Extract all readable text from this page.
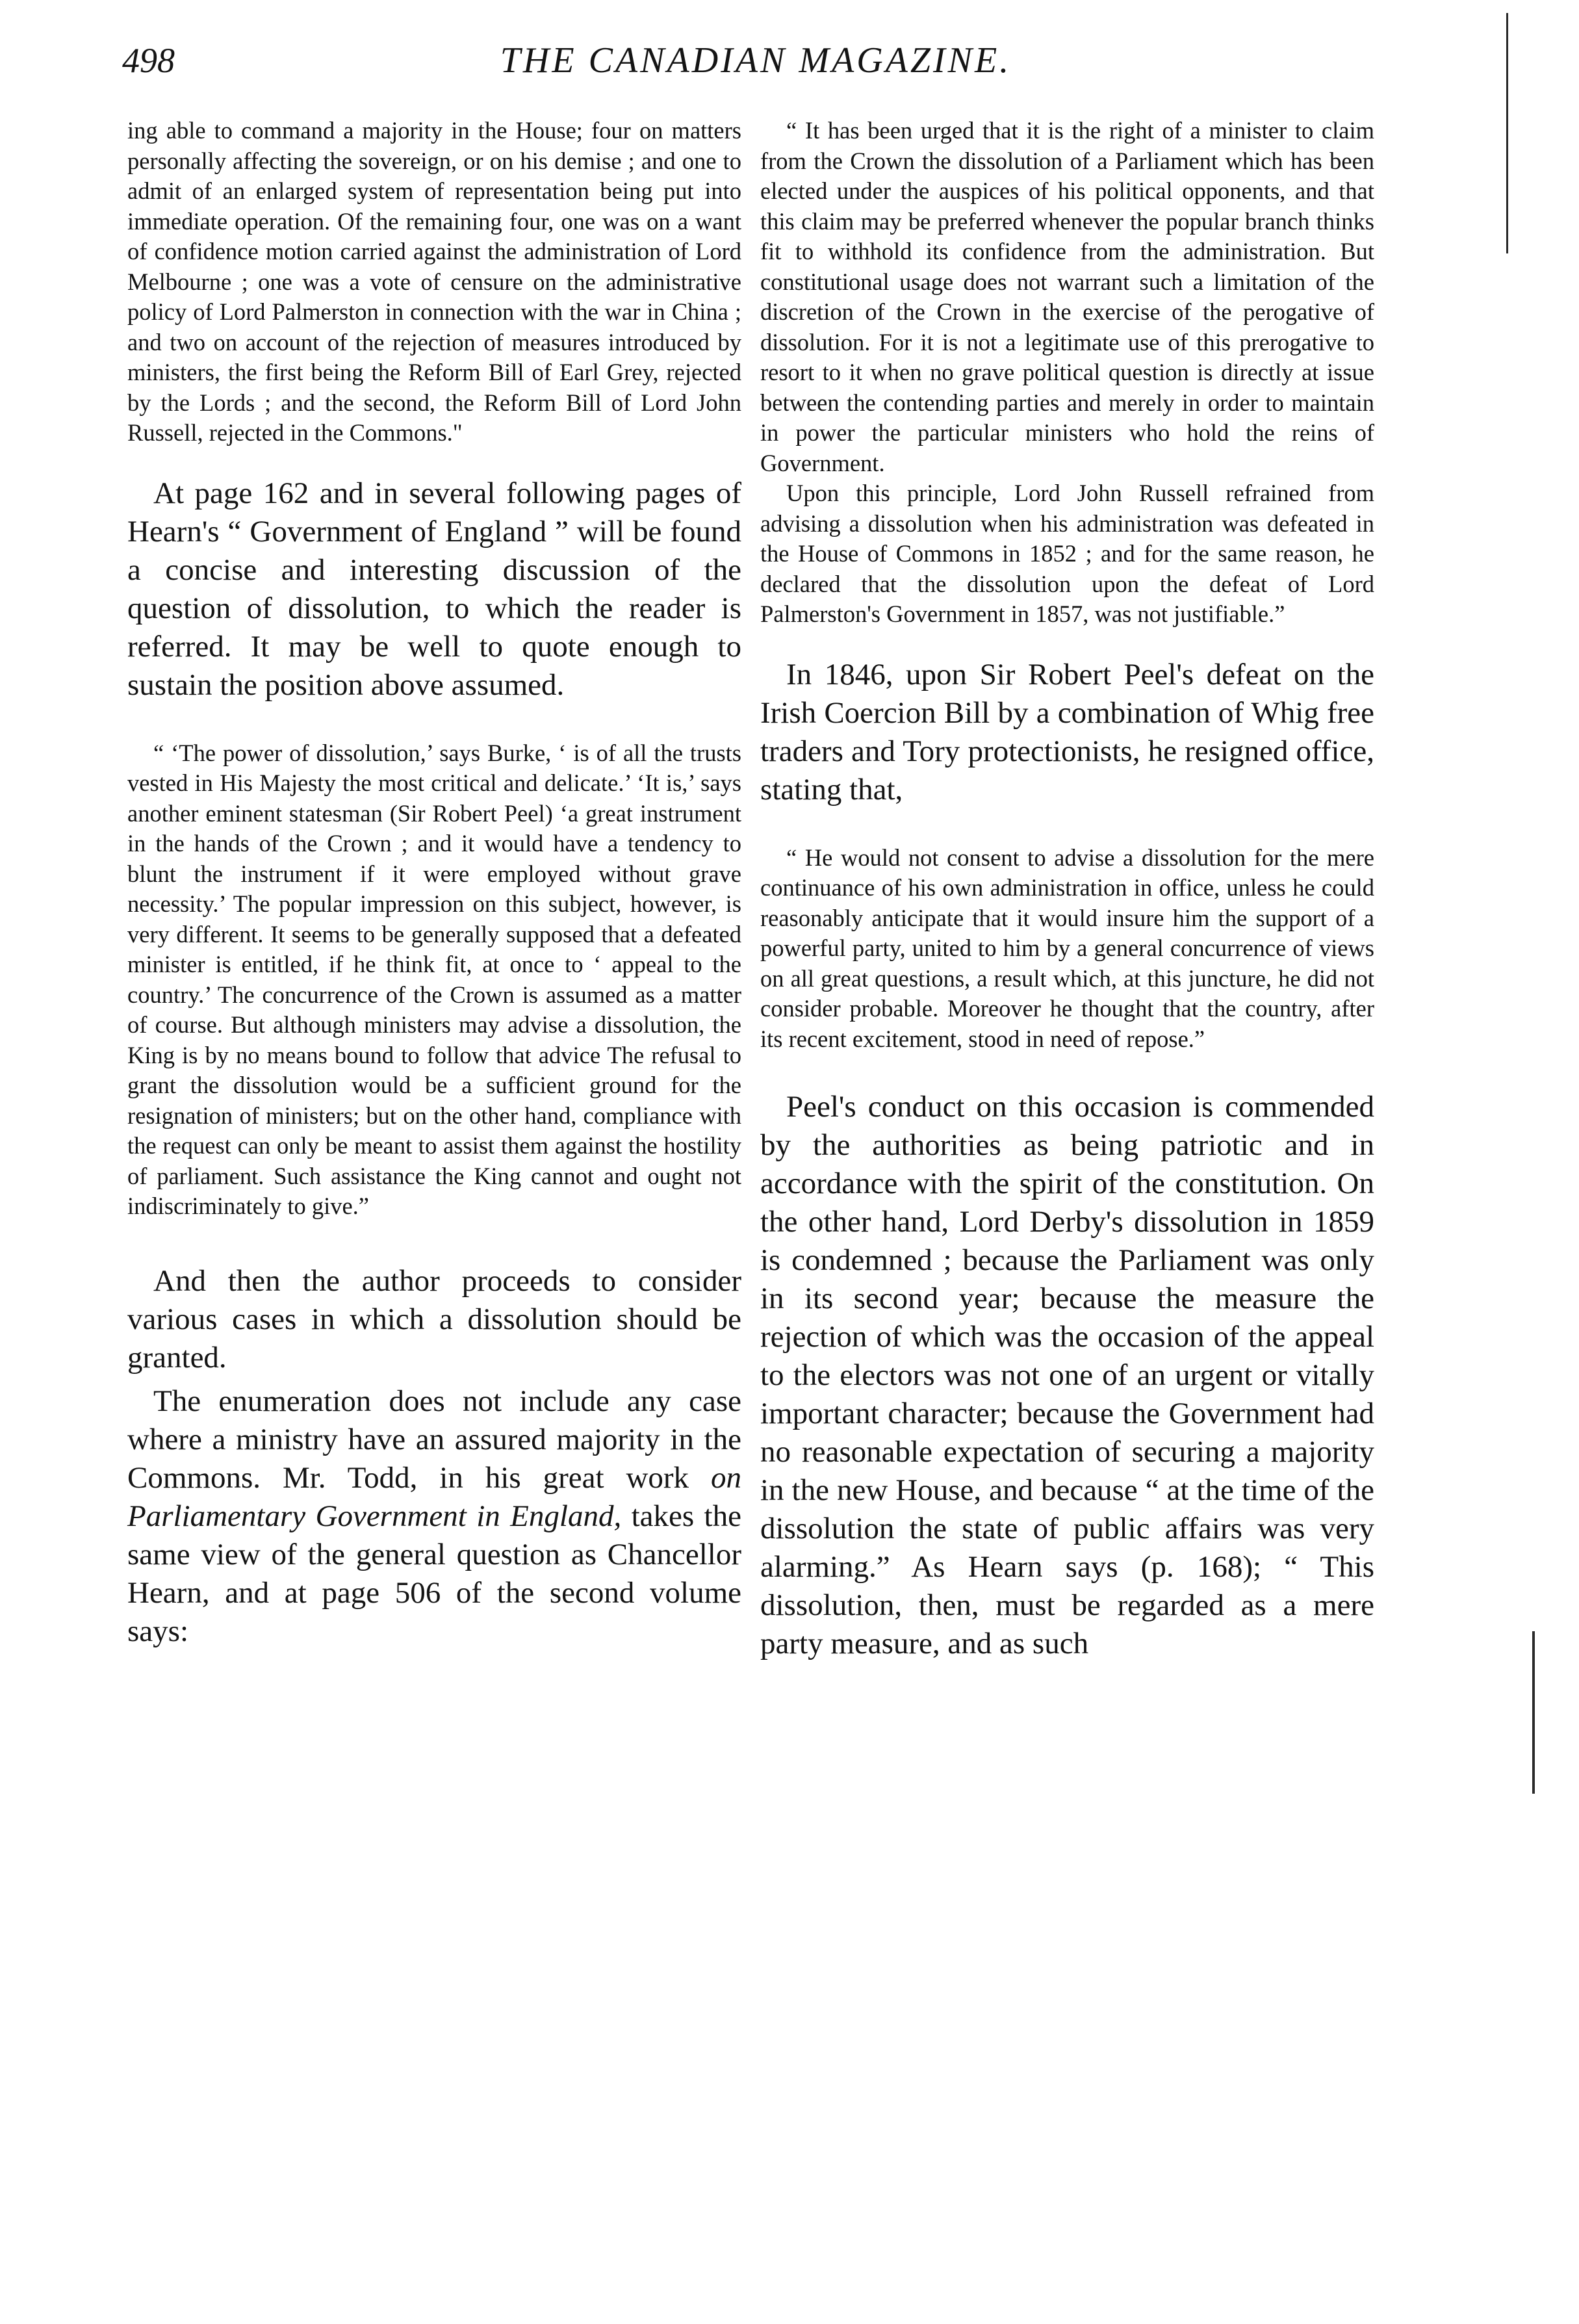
498	THE CANADIAN MAGAZINE.

ing able to command a majority in the House; four on matters personally affecting the sovereign, or on his demise ; and one to admit of an enlarged system of representation being put into immediate operation. Of the remaining four, one was on a want of confidence motion carried against the administration of Lord Melbourne ; one was a vote of censure on the administrative policy of Lord Palmerston in connection with the war in China ; and two on account of the rejection of measures introduced by ministers, the first being the Reform Bill of Earl Grey, rejected by the Lords ; and the second, the Reform Bill of Lord John Russell, rejected in the Commons."

At page 162 and in several following pages of Hearn's “ Government of England ” will be found a concise and interesting discussion of the question of dissolution, to which the reader is referred. It may be well to quote enough to sustain the position above assumed.

“ ‘The power of dissolution,’ says Burke, ‘ is of all the trusts vested in His Majesty the most critical and delicate.’ ‘It is,’ says another eminent statesman (Sir Robert Peel) ‘a great instrument in the hands of the Crown ; and it would have a tendency to blunt the instrument if it were employed without grave necessity.’ The popular impression on this subject, however, is very different. It seems to be generally supposed that a defeated minister is entitled, if he think fit, at once to ‘ appeal to the country.’ The concurrence of the Crown is assumed as a matter of course. But although ministers may advise a dissolution, the King is by no means bound to follow that advice The refusal to grant the dissolution would be a sufficient ground for the resignation of ministers; but on the other hand, compliance with the request can only be meant to assist them against the hostility of parliament. Such assistance the King cannot and ought not indiscriminately to give.”

And then the author proceeds to consider various cases in which a dissolution should be granted.

The enumeration does not include any case where a ministry have an assured majority in the Commons. Mr. Todd, in his great work on Parliamentary Government in England, takes the same view of the general question as Chancellor Hearn, and at page 506 of the second volume says:

“ It has been urged that it is the right of a minister to claim from the Crown the dissolution of a Parliament which has been elected under the auspices of his political opponents, and that this claim may be preferred whenever the popular branch thinks fit to withhold its confidence from the administration. But constitutional usage does not warrant such a limitation of the discretion of the Crown in the exercise of the perogative of dissolution. For it is not a legitimate use of this prerogative to resort to it when no grave political question is directly at issue between the contending parties and merely in order to maintain in power the particular ministers who hold the reins of Government.

Upon this principle, Lord John Russell refrained from advising a dissolution when his administration was defeated in the House of Commons in 1852 ; and for the same reason, he declared that the dissolution upon the defeat of Lord Palmerston's Government in 1857, was not justifiable.”

In 1846, upon Sir Robert Peel's defeat on the Irish Coercion Bill by a combination of Whig free traders and Tory protectionists, he resigned office, stating that,

“ He would not consent to advise a dissolution for the mere continuance of his own administration in office, unless he could reasonably anticipate that it would insure him the support of a powerful party, united to him by a general concurrence of views on all great questions, a result which, at this juncture, he did not consider probable. Moreover he thought that the country, after its recent excitement, stood in need of repose.”

Peel's conduct on this occasion is commended by the authorities as being patriotic and in accordance with the spirit of the constitution. On the other hand, Lord Derby's dissolution in 1859 is condemned ; because the Parliament was only in its second year; because the measure the rejection of which was the occasion of the appeal to the electors was not one of an urgent or vitally important character; because the Government had no reasonable expectation of securing a majority in the new House, and because “ at the time of the dissolution the state of public affairs was very alarming.” As Hearn says (p. 168); “ This dissolution, then, must be regarded as a mere party measure, and as such
